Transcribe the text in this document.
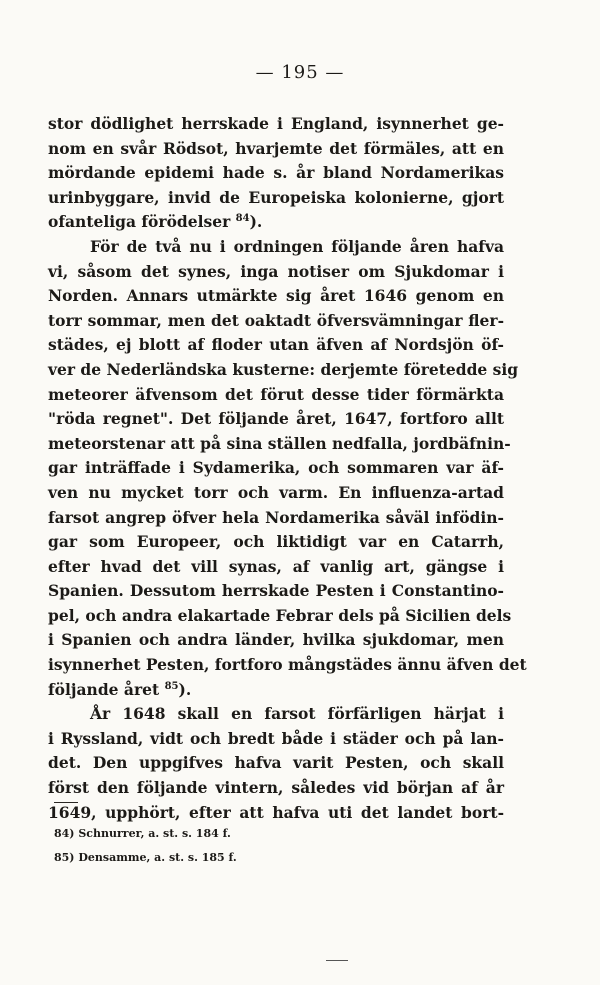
— 195 —
stor dödlighet herrskade i England, isynnerhet ge-
nom en svår Rödsot, hvarjemte det förmäles, att en
mördande epidemi hade s. år bland Nordamerikas
urinbyggare, invid de Europeiska kolonierne, gjort
ofanteliga förödelser $^{84}$).
För de två nu i ordningen följande åren hafva
vi, såsom det synes, inga notiser om Sjukdomar i
Norden. Annars utmärkte sig året 1646 genom en
torr sommar, men det oaktadt öfversvämningar fler-
städes, ej blott af floder utan äfven af Nordsjön öf-
ver de Nederländska kusterne: derjemte företedde sig
meteorer äfvensom det förut desse tider förmärkta
"röda regnet". Det följande året, 1647, fortforo allt
meteorstenar att på sina ställen nedfalla, jordbäfnin-
gar inträffade i Sydamerika, och sommaren var äf-
ven nu mycket torr och varm. En influenza-artad
farsot angrep öfver hela Nordamerika såväl infödin-
gar som Europeer, och liktidigt var en Catarrh,
efter hvad det vill synas, af vanlig art, gängse i
Spanien. Dessutom herrskade Pesten i Constantino-
pel, och andra elakartade Febrar dels på Sicilien dels
i Spanien och andra länder, hvilka sjukdomar, men
isynnerhet Pesten, fortforo mångstädes ännu äfven det
följande året $^{85}$).
År 1648 skall en farsot förfärligen härjat i
i Ryssland, vidt och bredt både i städer och på lan-
det. Den uppgifves hafva varit Pesten, och skall
först den följande vintern, således vid början af år
1649, upphört, efter att hafva uti det landet bort-
84) Schnurrer, a. st. s. 184 f.
85) Densamme, a. st. s. 185 f.
